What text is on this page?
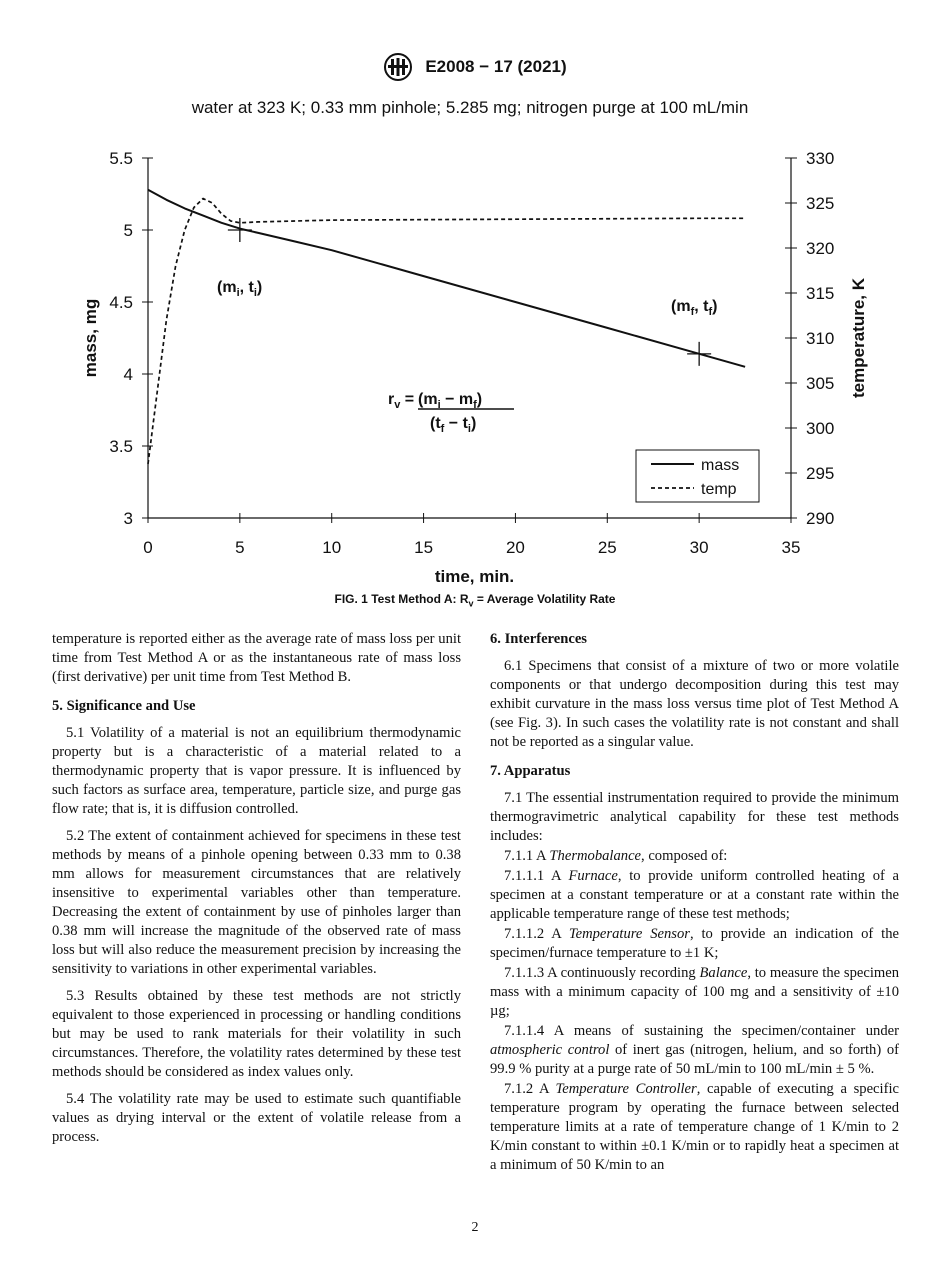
E2008 − 17 (2021)
water at 323 K; 0.33 mm pinhole; 5.285 mg; nitrogen purge at 100 mL/min
0	5	10	15	20	25	30	35
3
3.5
4
4.5
5
5.5
290
295
300
305
310
315
320
325
330
time, min.
mass, mg	temperature, K
($m_i$, $t_i$)
($m_f$, $t_f$)
$r_v = (m_i - m_f)$
$(t_f - t_i)$
mass
temp
FIG. 1 Test Method A: $R_v$ = Average Volatility Rate

temperature is reported either as the average rate of mass loss per unit time from Test Method A or as the instantaneous rate of mass loss (first derivative) per unit time from Test Method B.

5. Significance and Use

5.1 Volatility of a material is not an equilibrium thermodynamic property but is a characteristic of a material related to a thermodynamic property that is vapor pressure. It is influenced by such factors as surface area, temperature, particle size, and purge gas flow rate; that is, it is diffusion controlled.

5.2 The extent of containment achieved for specimens in these test methods by means of a pinhole opening between 0.33 mm to 0.38 mm allows for measurement circumstances that are relatively insensitive to experimental variables other than temperature. Decreasing the extent of containment by use of pinholes larger than 0.38 mm will increase the magnitude of the observed rate of mass loss but will also reduce the measurement precision by increasing the sensitivity to variations in other experimental variables.

5.3 Results obtained by these test methods are not strictly equivalent to those experienced in processing or handling conditions but may be used to rank materials for their volatility in such circumstances. Therefore, the volatility rates determined by these test methods should be considered as index values only.

5.4 The volatility rate may be used to estimate such quantifiable values as drying interval or the extent of volatile release from a process.

6. Interferences

6.1 Specimens that consist of a mixture of two or more volatile components or that undergo decomposition during this test may exhibit curvature in the mass loss versus time plot of Test Method A (see Fig. 3). In such cases the volatility rate is not constant and shall not be reported as a singular value.

7. Apparatus

7.1 The essential instrumentation required to provide the minimum thermogravimetric analytical capability for these test methods includes:

7.1.1 A Thermobalance, composed of:

7.1.1.1 A Furnace, to provide uniform controlled heating of a specimen at a constant temperature or at a constant rate within the applicable temperature range of these test methods;

7.1.1.2 A Temperature Sensor, to provide an indication of the specimen/furnace temperature to ±1 K;

7.1.1.3 A continuously recording Balance, to measure the specimen mass with a minimum capacity of 100 mg and a sensitivity of ±10 µg;

7.1.1.4 A means of sustaining the specimen/container under atmospheric control of inert gas (nitrogen, helium, and so forth) of 99.9 % purity at a purge rate of 50 mL/min to 100 mL/min ± 5 %.

7.1.2 A Temperature Controller, capable of executing a specific temperature program by operating the furnace between selected temperature limits at a rate of temperature change of 1 K/min to 2 K/min constant to within ±0.1 K/min or to rapidly heat a specimen at a minimum of 50 K/min to an

2
